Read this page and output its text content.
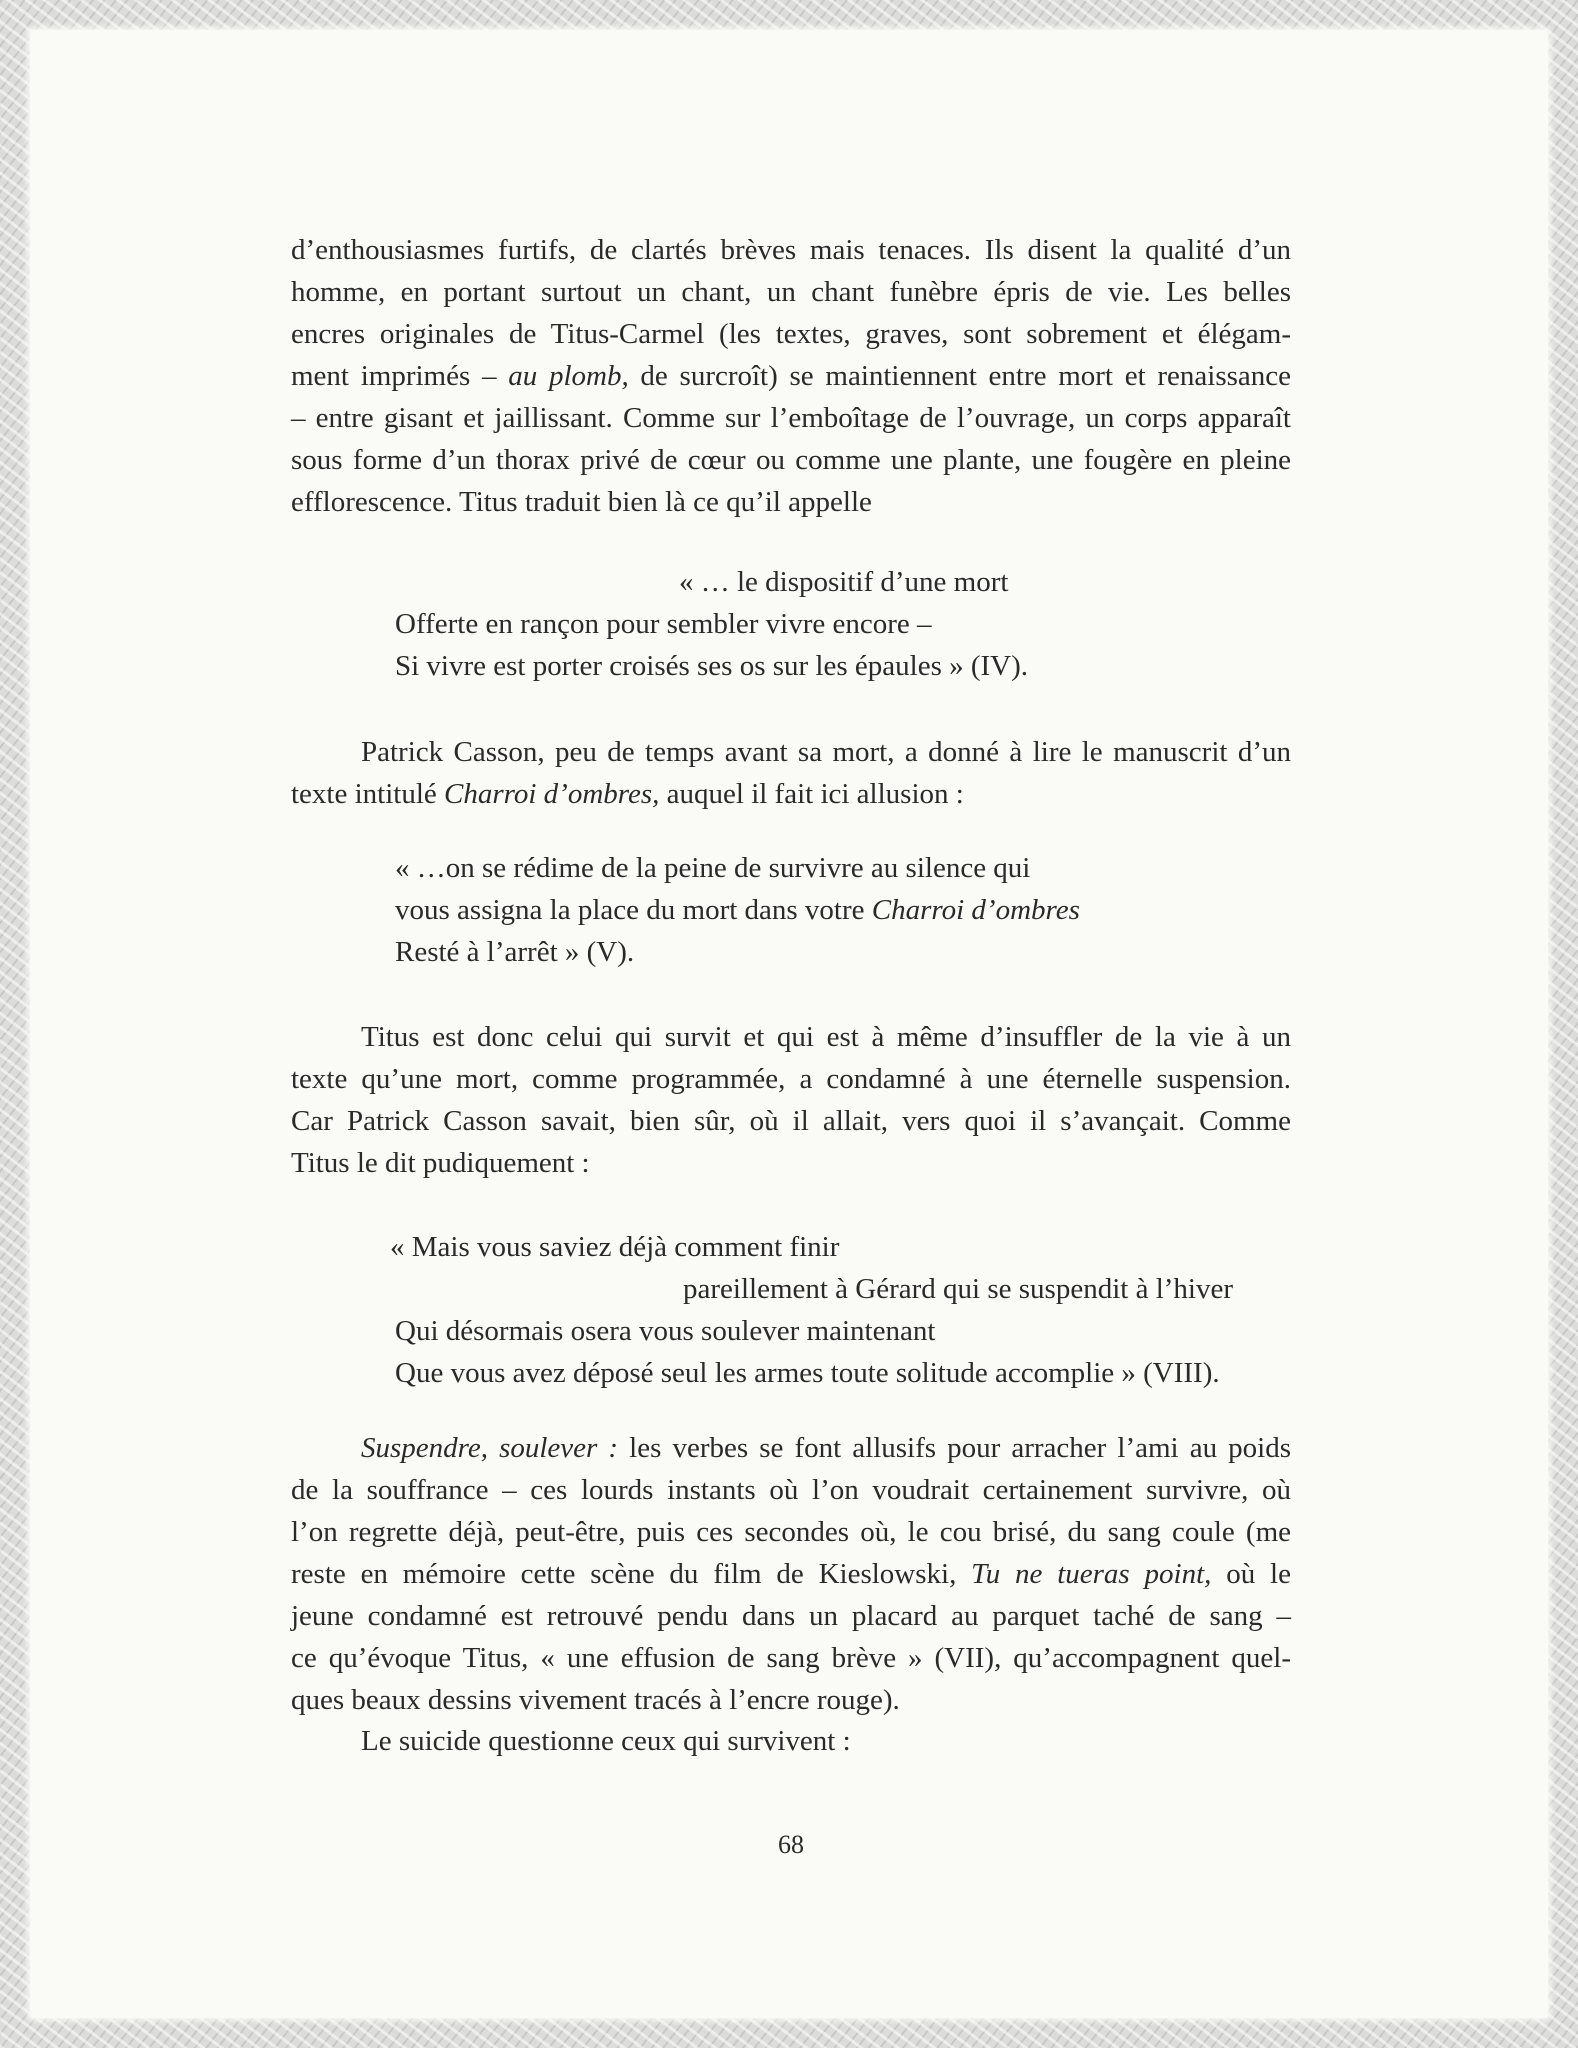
d’enthousiasmes furtifs, de clartés brèves mais tenaces. Ils disent la qualité d’un
homme, en portant surtout un chant, un chant funèbre épris de vie. Les belles
encres originales de Titus-Carmel (les textes, graves, sont sobrement et élégam-
ment imprimés – au plomb, de surcroît) se maintiennent entre mort et renaissance
– entre gisant et jaillissant. Comme sur l’emboîtage de l’ouvrage, un corps apparaît
sous forme d’un thorax privé de cœur ou comme une plante, une fougère en pleine
efflorescence. Titus traduit bien là ce qu’il appelle
« … le dispositif d’une mort
Offerte en rançon pour sembler vivre encore –
Si vivre est porter croisés ses os sur les épaules » (IV).
Patrick Casson, peu de temps avant sa mort, a donné à lire le manuscrit d’un
texte intitulé Charroi d’ombres, auquel il fait ici allusion :
« …on se rédime de la peine de survivre au silence qui
vous assigna la place du mort dans votre Charroi d’ombres
Resté à l’arrêt » (V).
Titus est donc celui qui survit et qui est à même d’insuffler de la vie à un
texte qu’une mort, comme programmée, a condamné à une éternelle suspension.
Car Patrick Casson savait, bien sûr, où il allait, vers quoi il s’avançait. Comme
Titus le dit pudiquement :
« Mais vous saviez déjà comment finir
pareillement à Gérard qui se suspendit à l’hiver
Qui désormais osera vous soulever maintenant
Que vous avez déposé seul les armes toute solitude accomplie » (VIII).
Suspendre, soulever : les verbes se font allusifs pour arracher l’ami au poids
de la souffrance – ces lourds instants où l’on voudrait certainement survivre, où
l’on regrette déjà, peut-être, puis ces secondes où, le cou brisé, du sang coule (me
reste en mémoire cette scène du film de Kieslowski, Tu ne tueras point, où le
jeune condamné est retrouvé pendu dans un placard au parquet taché de sang –
ce qu’évoque Titus, « une effusion de sang brève » (VII), qu’accompagnent quel-
ques beaux dessins vivement tracés à l’encre rouge).
Le suicide questionne ceux qui survivent :
68
